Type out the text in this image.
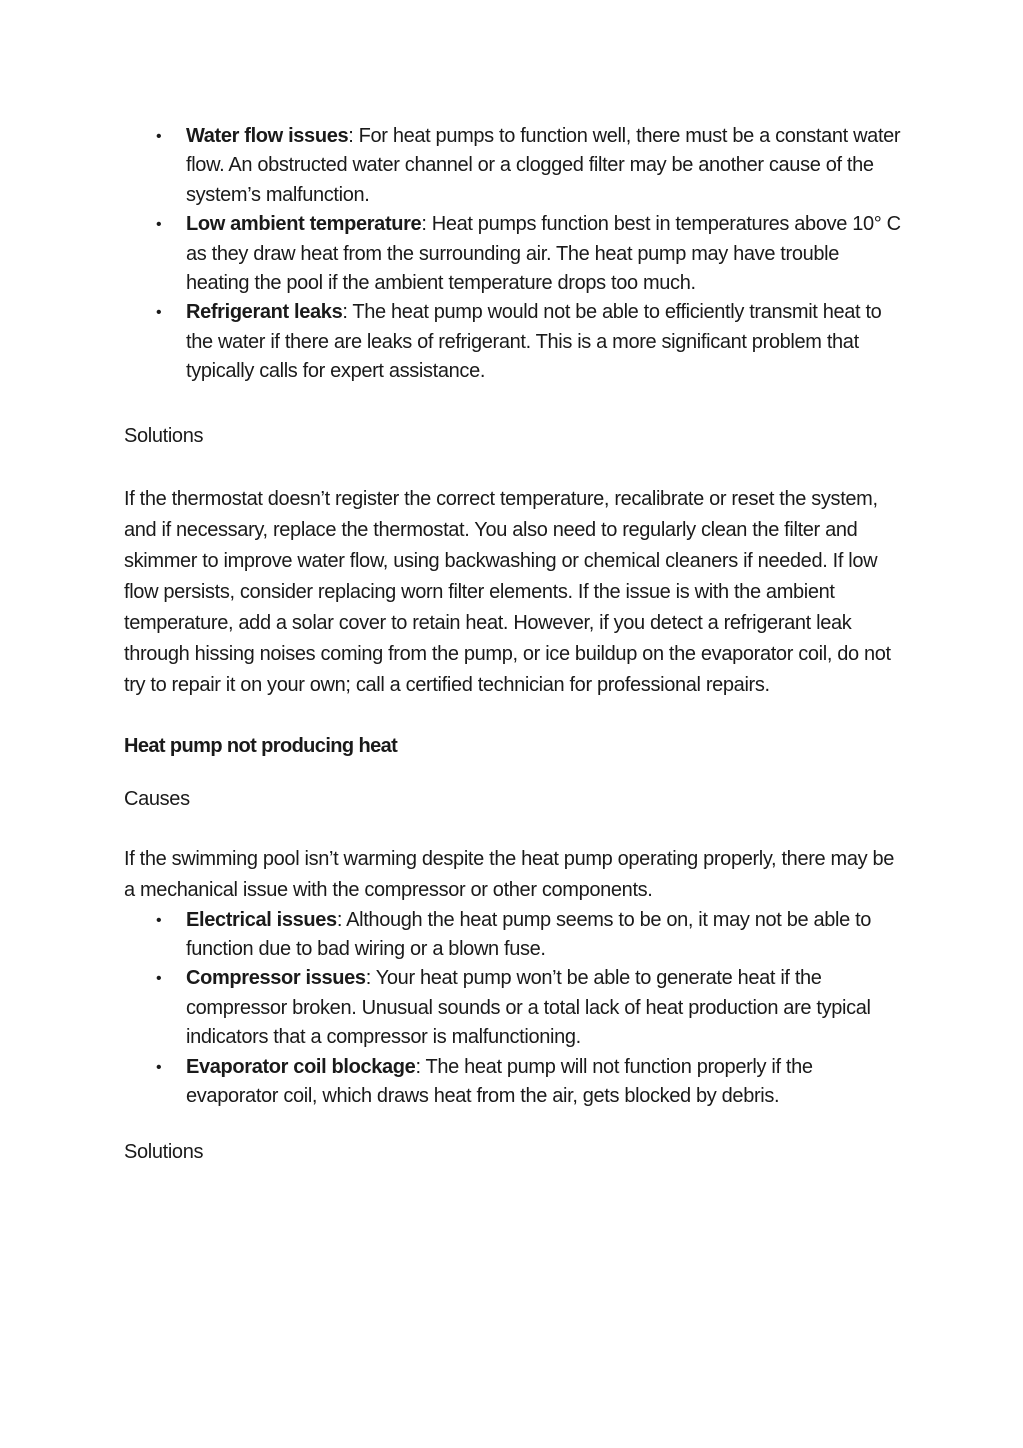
• Water flow issues: For heat pumps to function well, there must be a constant water flow. An obstructed water channel or a clogged filter may be another cause of the system’s malfunction.
• Low ambient temperature: Heat pumps function best in temperatures above 10° C as they draw heat from the surrounding air. The heat pump may have trouble heating the pool if the ambient temperature drops too much.
• Refrigerant leaks: The heat pump would not be able to efficiently transmit heat to the water if there are leaks of refrigerant. This is a more significant problem that typically calls for expert assistance.

Solutions

If the thermostat doesn’t register the correct temperature, recalibrate or reset the system, and if necessary, replace the thermostat. You also need to regularly clean the filter and skimmer to improve water flow, using backwashing or chemical cleaners if needed. If low flow persists, consider replacing worn filter elements. If the issue is with the ambient temperature, add a solar cover to retain heat. However, if you detect a refrigerant leak through hissing noises coming from the pump, or ice buildup on the evaporator coil, do not try to repair it on your own; call a certified technician for professional repairs.

Heat pump not producing heat

Causes

If the swimming pool isn’t warming despite the heat pump operating properly, there may be a mechanical issue with the compressor or other components.

• Electrical issues: Although the heat pump seems to be on, it may not be able to function due to bad wiring or a blown fuse.
• Compressor issues: Your heat pump won’t be able to generate heat if the compressor broken. Unusual sounds or a total lack of heat production are typical indicators that a compressor is malfunctioning.
• Evaporator coil blockage: The heat pump will not function properly if the evaporator coil, which draws heat from the air, gets blocked by debris.

Solutions
